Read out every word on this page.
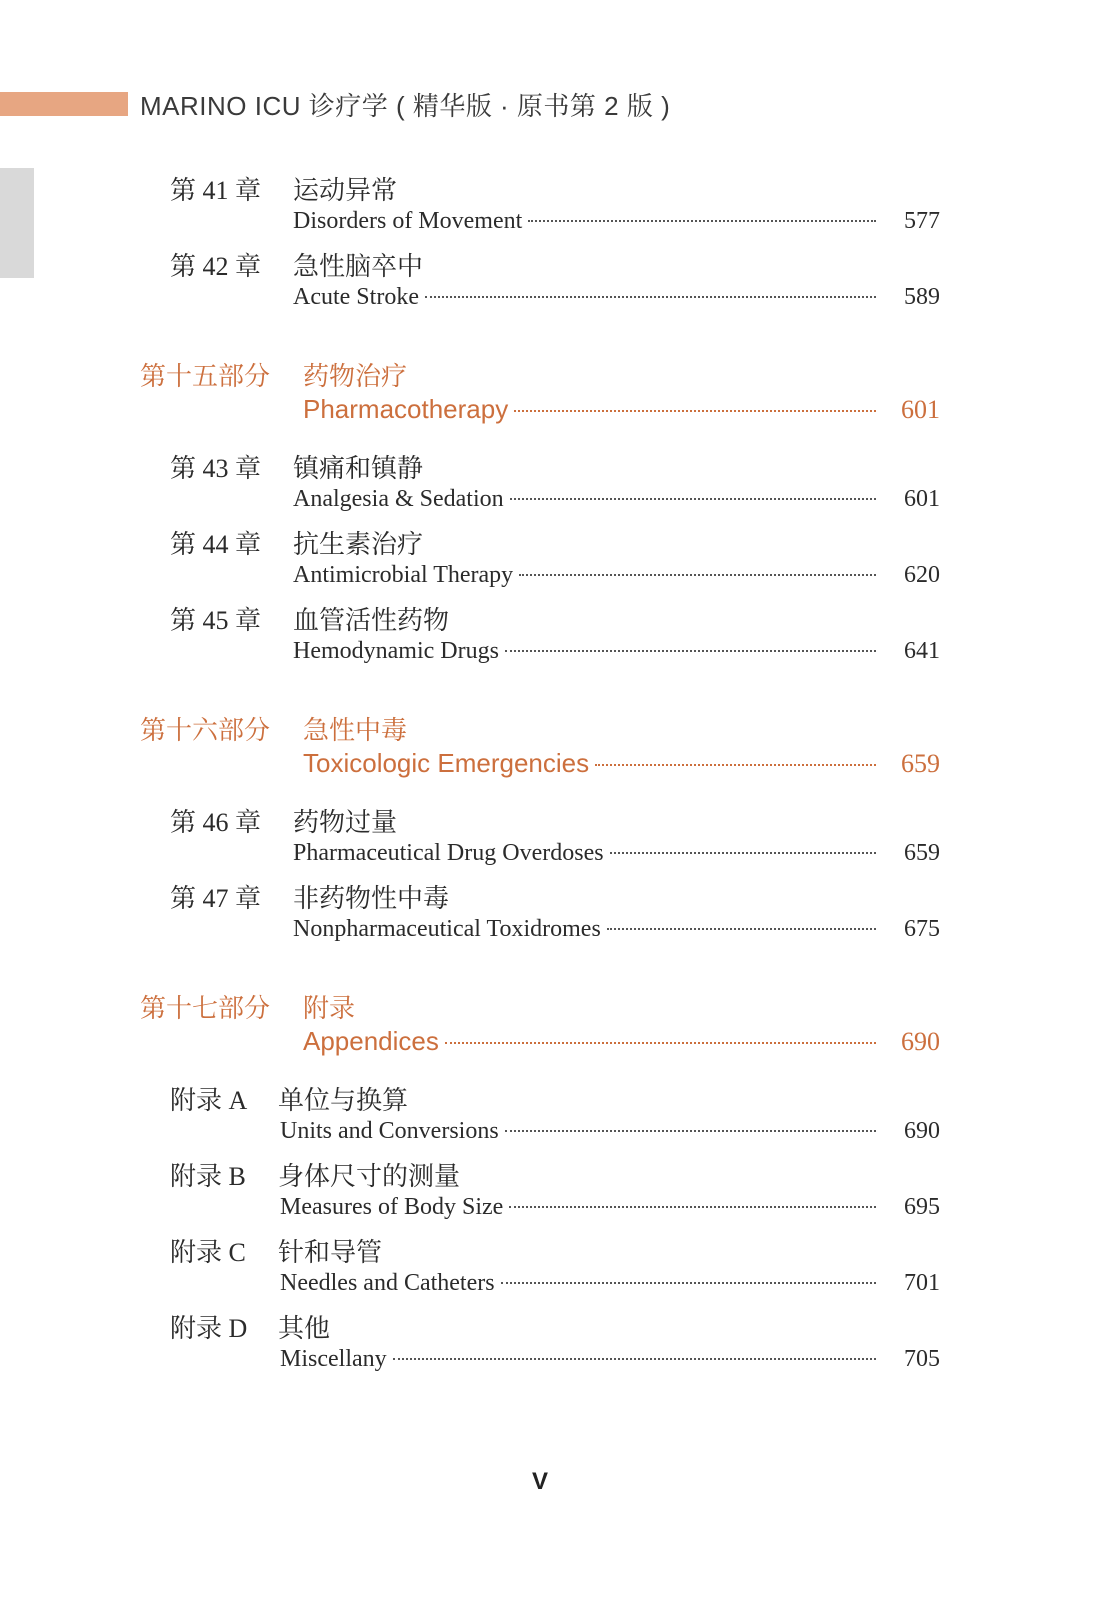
MARINO ICU 诊疗学 ( 精华版 · 原书第 2 版 )
第 41 章 运动异常
Disorders of Movement	577
第 42 章 急性脑卒中
Acute Stroke	589
第十五部分 药物治疗
Pharmacotherapy	601
第 43 章 镇痛和镇静
Analgesia & Sedation	601
第 44 章 抗生素治疗
Antimicrobial Therapy	620
第 45 章 血管活性药物
Hemodynamic Drugs	641
第十六部分 急性中毒
Toxicologic Emergencies	659
第 46 章 药物过量
Pharmaceutical Drug Overdoses	659
第 47 章 非药物性中毒
Nonpharmaceutical Toxidromes	675
第十七部分 附录
Appendices	690
附录 A 单位与换算
Units and Conversions	690
附录 B 身体尺寸的测量
Measures of Body Size	695
附录 C 针和导管
Needles and Catheters	701
附录 D 其他
Miscellany	705
V
